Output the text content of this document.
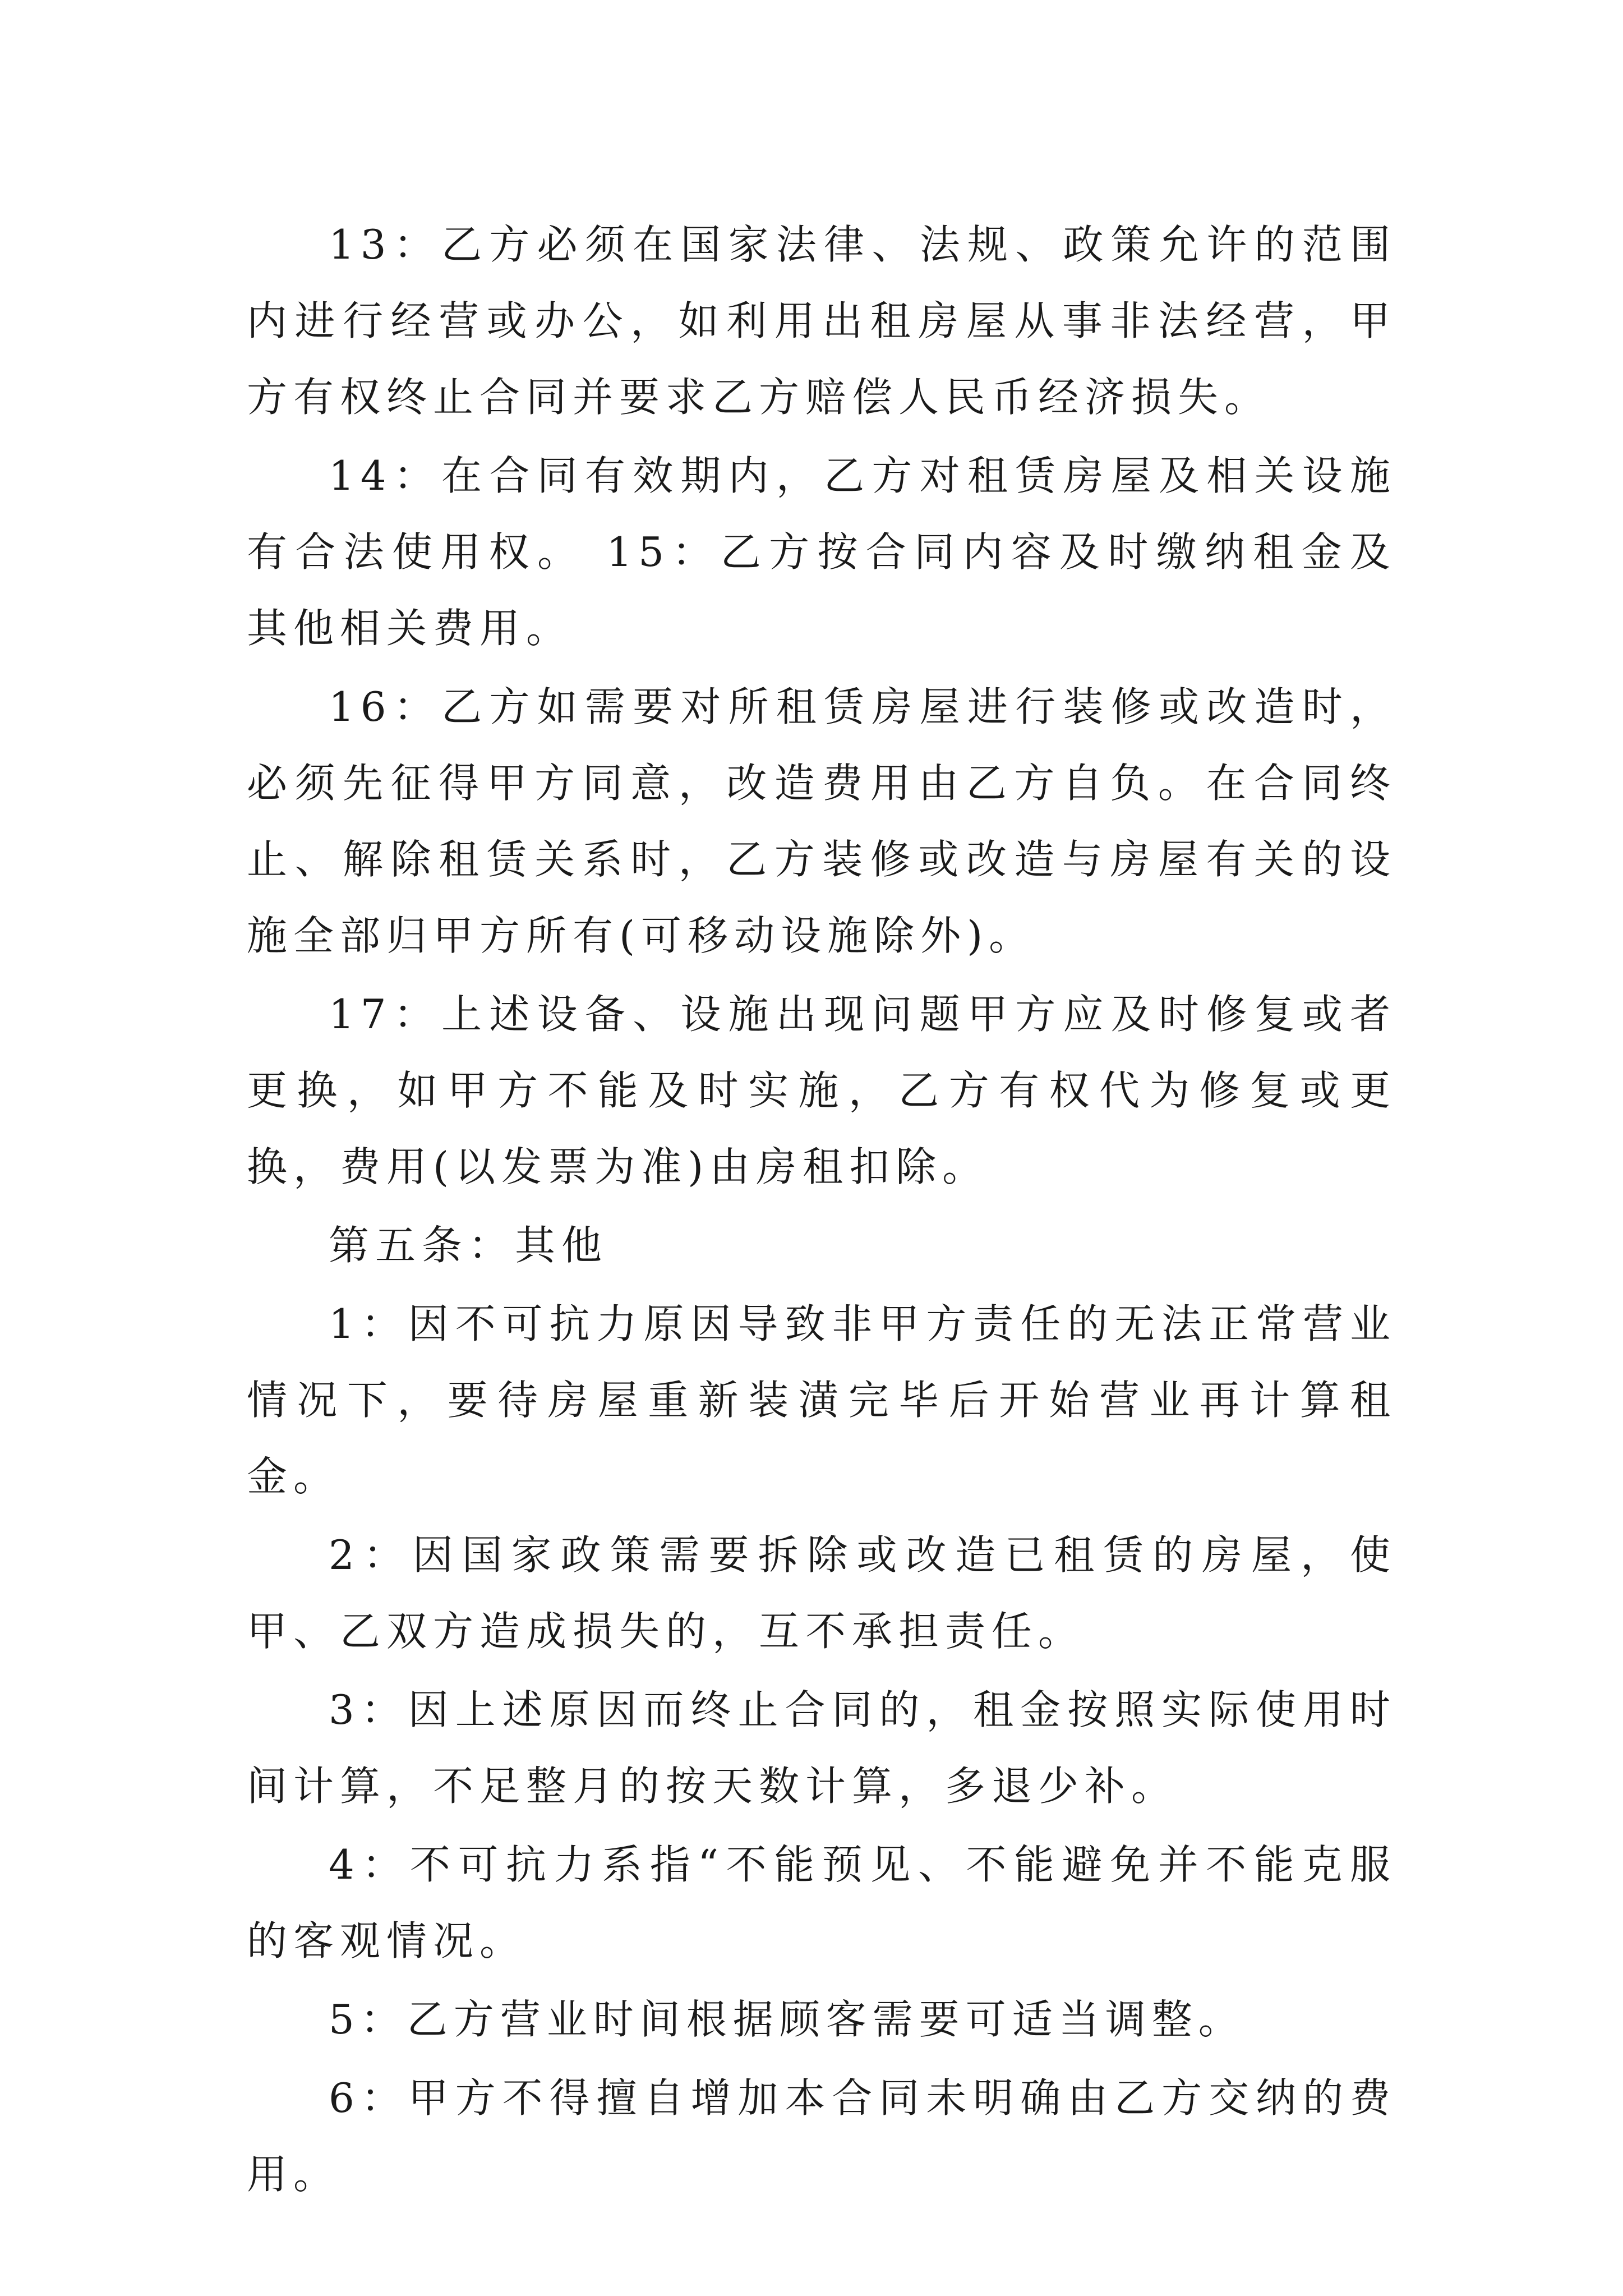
13：乙方必须在国家法律、法规、政策允许的范围 内进行经营或办公，如利用出租房屋从事非法经营，甲方有权终止合同并要求乙方赔偿人民币经济损失。

14：在合同有效期内，乙方对租赁房屋及相关设施有合法使用权。 15：乙方按合同内容及时缴纳租金及其他相关费用。

16：乙方如需要对所租赁房屋进行装修或改造时，必须先征得甲方同意，改造费用由乙方自负。在合同终止、解除租赁关系时，乙方装修或改造与房屋有关的设施全部归甲方所有(可移动设施除外)。

17：上述设备、设施出现问题甲方应及时修复或者更换，如甲方不能及时实施，乙方有权代为修复或更换，费用(以发票为准)由房租扣除。

第五条：其他

1：因不可抗力原因导致非甲方责任的无法正常营业情况下，要待房屋重新装潢完毕后开始营业再计算租金。

2：因国家政策需要拆除或改造已租赁的房屋，使甲、乙双方造成损失的，互不承担责任。

3：因上述原因而终止合同的，租金按照实际使用时间计算，不足整月的按天数计算，多退少补。

4：不可抗力系指“不能预见、不能避免并不能克服的客观情况。

5：乙方营业时间根据顾客需要可适当调整。

6：甲方不得擅自增加本合同未明确由乙方交纳的费用。
